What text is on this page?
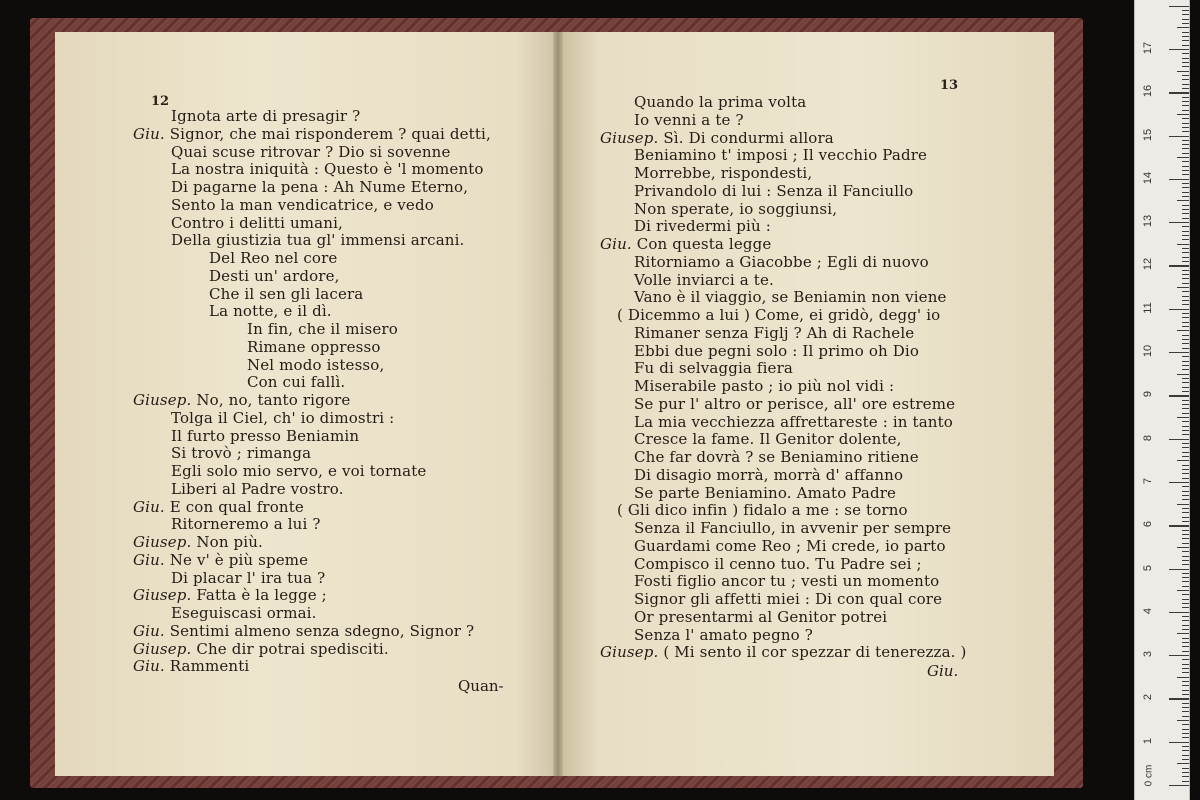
12
Ignota arte di presagir ?
Giu. Signor, che mai risponderem ? quai detti,
Quai scuse ritrovar ? Dio si sovenne
La nostra iniquità : Questo è 'l momento
Di pagarne la pena : Ah Nume Eterno,
Sento la man vendicatrice, e vedo
Contro i delitti umani,
Della giustizia tua gl' immensi arcani.
Del Reo nel core
Desti un' ardore,
Che il sen gli lacera
La notte, e il dì.
In fin, che il misero
Rimane oppresso
Nel modo istesso,
Con cui fallì.
Giusep. No, no, tanto rigore
Tolga il Ciel, ch' io dimostri :
Il furto presso Beniamin
Si trovò ; rimanga
Egli solo mio servo, e voi tornate
Liberi al Padre vostro.
Giu. E con qual fronte
Ritorneremo a lui ?
Giusep. Non più.
Giu. Ne v' è più speme
Di placar l' ira tua ?
Giusep. Fatta è la legge ;
Eseguiscasi ormai.
Giu. Sentimi almeno senza sdegno, Signor ?
Giusep. Che dir potrai spedisciti.
Giu. Rammenti
Quan-
13
Quando la prima volta
Io venni a te ?
Giusep. Sì. Di condurmi allora
Beniamino t' imposi ; Il vecchio Padre
Morrebbe, rispondesti,
Privandolo di lui : Senza il Fanciullo
Non sperate, io soggiunsi,
Di rivedermi più :
Giu. Con questa legge
Ritorniamo a Giacobbe ; Egli di nuovo
Volle inviarci a te.
Vano è il viaggio, se Beniamin non viene
( Dicemmo a lui ) Come, ei gridò, degg' io
Rimaner senza Figlj ? Ah di Rachele
Ebbi due pegni solo : Il primo oh Dio
Fu di selvaggia fiera
Miserabile pasto ; io più nol vidi :
Se pur l' altro or perisce, all' ore estreme
La mia vecchiezza affrettareste : in tanto
Cresce la fame. Il Genitor dolente,
Che far dovrà ? se Beniamino ritiene
Di disagio morrà, morrà d' affanno
Se parte Beniamino. Amato Padre
( Gli dico infin ) fidalo a me : se torno
Senza il Fanciullo, in avvenir per sempre
Guardami come Reo ; Mi crede, io parto
Compisco il cenno tuo. Tu Padre sei ;
Fosti figlio ancor tu ; vesti un momento
Signor gli affetti miei : Di con qual core
Or presentarmi al Genitor potrei
Senza l' amato pegno ?
Giusep. ( Mi sento il cor spezzar di tenerezza. )
Giu.
1
2
3
4
5
6
7
8
9
10
11
12
13
14
15
16
17
0 cm
